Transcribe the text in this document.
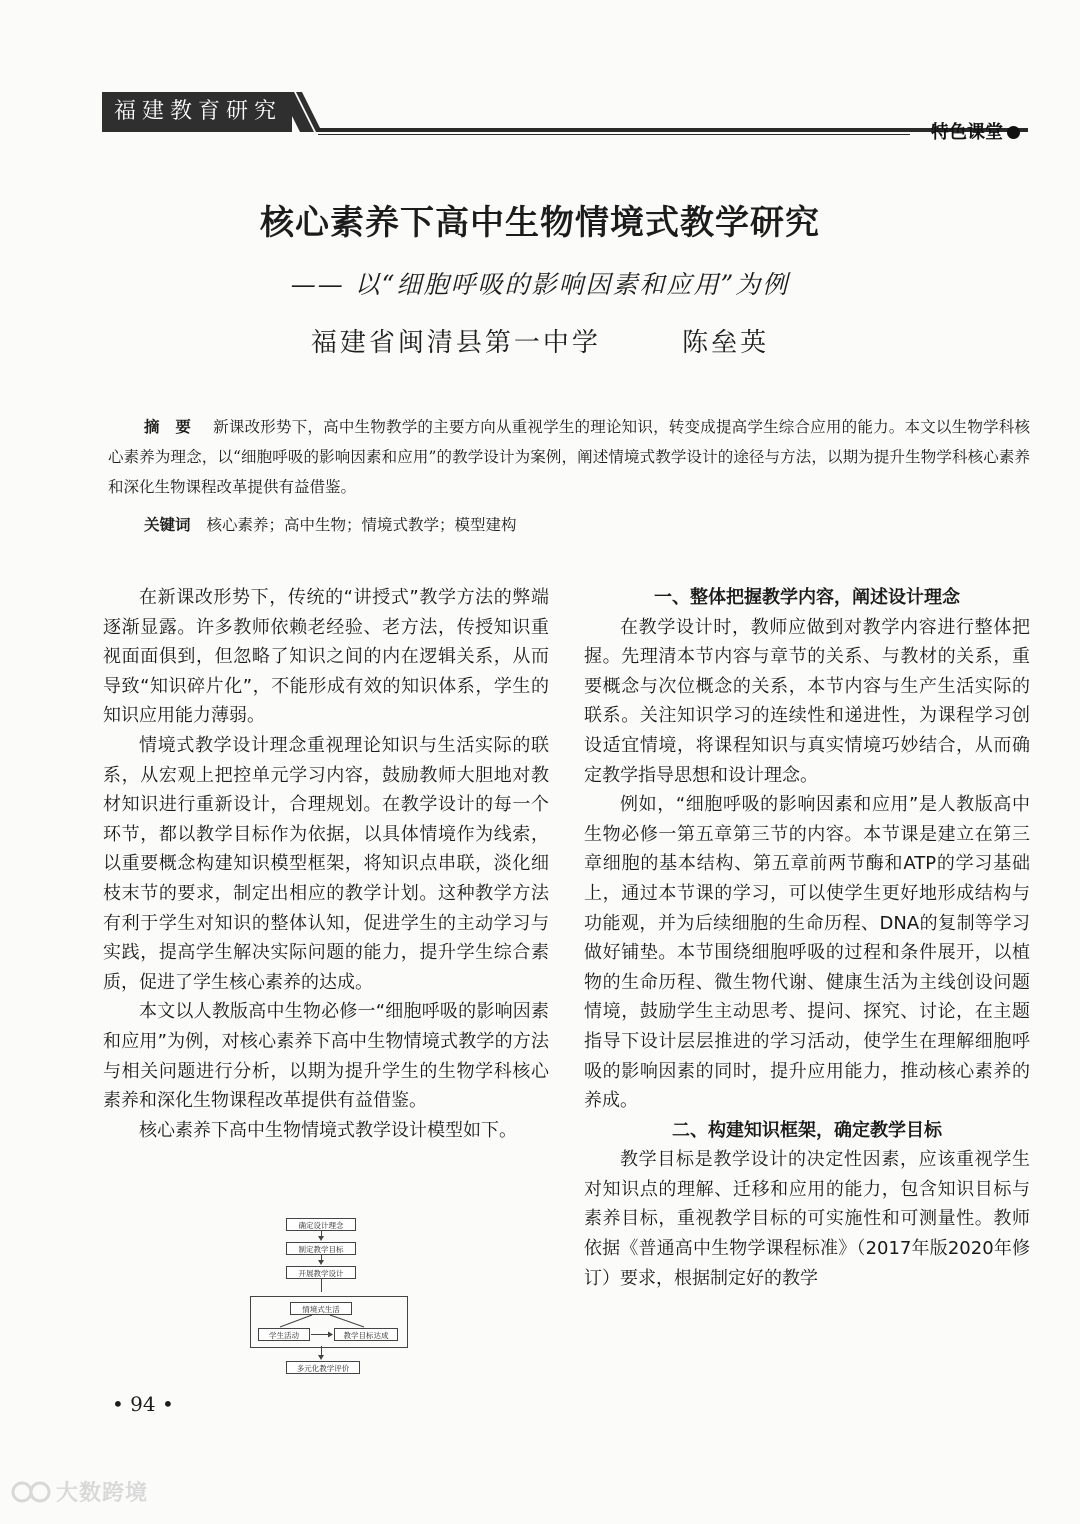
福建教育研究
特色课堂
核心素养下高中生物情境式教学研究
—— 以“细胞呼吸的影响因素和应用”为例
福建省闽清县第一中学	陈垒英
摘　要 新课改形势下，高中生物教学的主要方向从重视学生的理论知识，转变成提高学生综合应用的能力。本文以生物学科核心素养为理念，以“细胞呼吸的影响因素和应用”的教学设计为案例，阐述情境式教学设计的途径与方法，以期为提升生物学科核心素养和深化生物课程改革提供有益借鉴。
关键词 核心素养；高中生物；情境式教学；模型建构

在新课改形势下，传统的“讲授式”教学方法的弊端逐渐显露。许多教师依赖老经验、老方法，传授知识重视面面俱到，但忽略了知识之间的内在逻辑关系，从而导致“知识碎片化”，不能形成有效的知识体系，学生的知识应用能力薄弱。

情境式教学设计理念重视理论知识与生活实际的联系，从宏观上把控单元学习内容，鼓励教师大胆地对教材知识进行重新设计，合理规划。在教学设计的每一个环节，都以教学目标作为依据，以具体情境作为线索，以重要概念构建知识模型框架，将知识点串联，淡化细枝末节的要求，制定出相应的教学计划。这种教学方法有利于学生对知识的整体认知，促进学生的主动学习与实践，提高学生解决实际问题的能力，提升学生综合素质，促进了学生核心素养的达成。

本文以人教版高中生物必修一“细胞呼吸的影响因素和应用”为例，对核心素养下高中生物情境式教学的方法与相关问题进行分析，以期为提升学生的生物学科核心素养和深化生物课程改革提供有益借鉴。

核心素养下高中生物情境式教学设计模型如下。

确定设计理念
制定教学目标
开展教学设计
情境式生活
学生活动	教学目标达成
多元化教学评价
一、整体把握教学内容，阐述设计理念

在教学设计时，教师应做到对教学内容进行整体把握。先理清本节内容与章节的关系、与教材的关系，重要概念与次位概念的关系，本节内容与生产生活实际的联系。关注知识学习的连续性和递进性，为课程学习创设适宜情境，将课程知识与真实情境巧妙结合，从而确定教学指导思想和设计理念。

例如，“细胞呼吸的影响因素和应用”是人教版高中生物必修一第五章第三节的内容。本节课是建立在第三章细胞的基本结构、第五章前两节酶和ATP的学习基础上，通过本节课的学习，可以使学生更好地形成结构与功能观，并为后续细胞的生命历程、DNA的复制等学习做好铺垫。本节围绕细胞呼吸的过程和条件展开，以植物的生命历程、微生物代谢、健康生活为主线创设问题情境，鼓励学生主动思考、提问、探究、讨论，在主题指导下设计层层推进的学习活动，使学生在理解细胞呼吸的影响因素的同时，提升应用能力，推动核心素养的养成。

二、构建知识框架，确定教学目标

教学目标是教学设计的决定性因素，应该重视学生对知识点的理解、迁移和应用的能力，包含知识目标与素养目标，重视教学目标的可实施性和可测量性。教师依据《普通高中生物学课程标准》（2017年版2020年修订）要求，根据制定好的教学

• 94 •
大数跨境
